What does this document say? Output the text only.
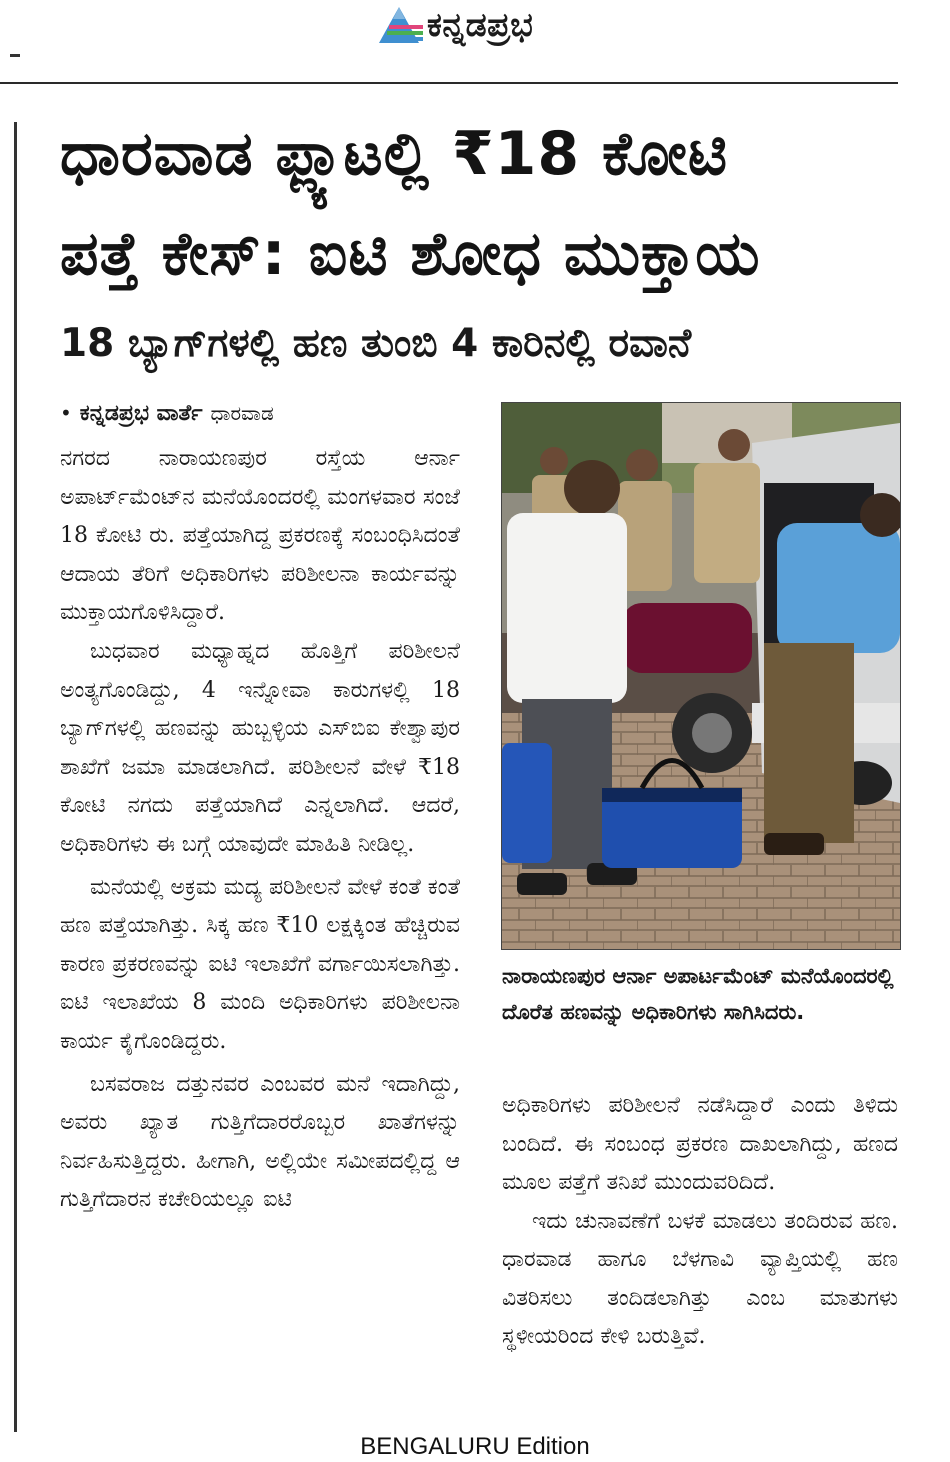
ಕನ್ನಡಪ್ರಭ
ಧಾರವಾಡ ಫ್ಲ್ಯಾಟಲ್ಲಿ ₹18 ಕೋಟಿ
ಪತ್ತೆ ಕೇಸ್: ಐಟಿ ಶೋಧ ಮುಕ್ತಾಯ
18 ಬ್ಯಾಗ್‌ಗಳಲ್ಲಿ ಹಣ ತುಂಬಿ 4 ಕಾರಿನಲ್ಲಿ ರವಾನೆ
• ಕನ್ನಡಪ್ರಭ ವಾರ್ತೆ ಧಾರವಾಡ

ನಗರದ ನಾರಾಯಣಪುರ ರಸ್ತೆಯ ಆರ್ನಾ ಅಪಾರ್ಟ್‌ಮೆಂಟ್‌ನ ಮನೆಯೊಂದರಲ್ಲಿ ಮಂಗಳವಾರ ಸಂಜೆ 18 ಕೋಟಿ ರು. ಪತ್ತೆಯಾಗಿದ್ದ ಪ್ರಕರಣಕ್ಕೆ ಸಂಬಂಧಿಸಿದಂತೆ ಆದಾಯ ತೆರಿಗೆ ಅಧಿಕಾರಿಗಳು ಪರಿಶೀಲನಾ ಕಾರ್ಯವನ್ನು ಮುಕ್ತಾಯಗೊಳಿಸಿದ್ದಾರೆ.

ಬುಧವಾರ ಮಧ್ಯಾಹ್ನದ ಹೊತ್ತಿಗೆ ಪರಿಶೀಲನೆ ಅಂತ್ಯಗೊಂಡಿದ್ದು, 4 ಇನ್ನೋವಾ ಕಾರುಗಳಲ್ಲಿ 18 ಬ್ಯಾಗ್‌ಗಳಲ್ಲಿ ಹಣವನ್ನು ಹುಬ್ಬಳ್ಳಿಯ ಎಸ್‌ಬಿಐ ಕೇಶ್ವಾಪುರ ಶಾಖೆಗೆ ಜಮಾ ಮಾಡಲಾಗಿದೆ. ಪರಿಶೀಲನೆ ವೇಳೆ ₹18 ಕೋಟಿ ನಗದು ಪತ್ತೆಯಾಗಿದೆ ಎನ್ನಲಾಗಿದೆ. ಆದರೆ, ಅಧಿಕಾರಿಗಳು ಈ ಬಗ್ಗೆ ಯಾವುದೇ ಮಾಹಿತಿ ನೀಡಿಲ್ಲ.

ಮನೆಯಲ್ಲಿ ಅಕ್ರಮ ಮದ್ಯ ಪರಿಶೀಲನೆ ವೇಳೆ ಕಂತೆ ಕಂತೆ ಹಣ ಪತ್ತೆಯಾಗಿತ್ತು. ಸಿಕ್ಕ ಹಣ ₹10 ಲಕ್ಷಕ್ಕಿಂತ ಹೆಚ್ಚಿರುವ ಕಾರಣ ಪ್ರಕರಣವನ್ನು ಐಟಿ ಇಲಾಖೆಗೆ ವರ್ಗಾಯಿಸಲಾಗಿತ್ತು. ಐಟಿ ಇಲಾಖೆಯ 8 ಮಂದಿ ಅಧಿಕಾರಿಗಳು ಪರಿಶೀಲನಾ ಕಾರ್ಯ ಕೈಗೊಂಡಿದ್ದರು.

ಬಸವರಾಜ ದತ್ತುನವರ ಎಂಬವರ ಮನೆ ಇದಾಗಿದ್ದು, ಅವರು ಖ್ಯಾತ ಗುತ್ತಿಗೆದಾರರೊಬ್ಬರ ಖಾತೆಗಳನ್ನು ನಿರ್ವಹಿಸುತ್ತಿದ್ದರು. ಹೀಗಾಗಿ, ಅಲ್ಲಿಯೇ ಸಮೀಪದಲ್ಲಿದ್ದ ಆ ಗುತ್ತಿಗೆದಾರನ ಕಚೇರಿಯಲ್ಲೂ ಐಟಿ

ನಾರಾಯಣಪುರ ಆರ್ನಾ ಅಪಾರ್ಟಮೆಂಟ್ ಮನೆಯೊಂದರಲ್ಲಿ ದೊರೆತ ಹಣವನ್ನು ಅಧಿಕಾರಿಗಳು ಸಾಗಿಸಿದರು.

ಅಧಿಕಾರಿಗಳು ಪರಿಶೀಲನೆ ನಡೆಸಿದ್ದಾರೆ ಎಂದು ತಿಳಿದು ಬಂದಿದೆ. ಈ ಸಂಬಂಧ ಪ್ರಕರಣ ದಾಖಲಾಗಿದ್ದು, ಹಣದ ಮೂಲ ಪತ್ತೆಗೆ ತನಿಖೆ ಮುಂದುವರಿದಿದೆ.

ಇದು ಚುನಾವಣೆಗೆ ಬಳಕೆ ಮಾಡಲು ತಂದಿರುವ ಹಣ. ಧಾರವಾಡ ಹಾಗೂ ಬೆಳಗಾವಿ ವ್ಯಾಪ್ತಿಯಲ್ಲಿ ಹಣ ವಿತರಿಸಲು ತಂದಿಡಲಾಗಿತ್ತು ಎಂಬ ಮಾತುಗಳು ಸ್ಥಳೀಯರಿಂದ ಕೇಳಿ ಬರುತ್ತಿವೆ.

BENGALURU Edition
